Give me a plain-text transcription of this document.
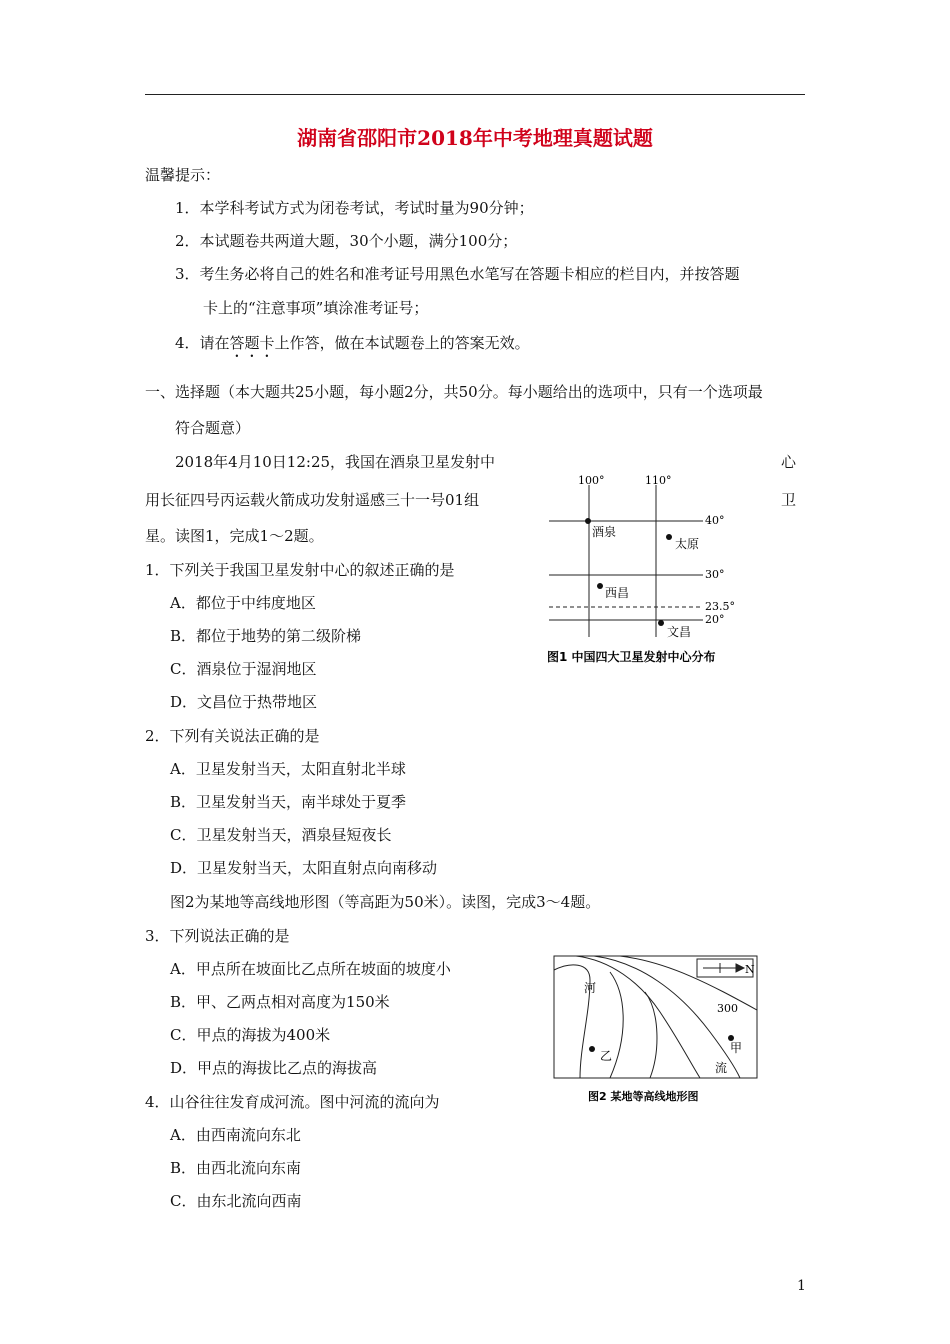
湖南省邵阳市2018年中考地理真题试题
温馨提示：
1．本学科考试方式为闭卷考试，考试时量为90分钟；
2．本试题卷共两道大题，30个小题，满分100分；
3．考生务必将自己的姓名和准考证号用黑色水笔写在答题卡相应的栏目内，并按答题
卡上的“注意事项”填涂准考证号；
4．请在答题卡上作答，做在本试题卷上的答案无效。
一、选择题（本大题共25小题，每小题2分，共50分。每小题给出的选项中，只有一个选项最
符合题意）
2018年4月10日12:25，我国在酒泉卫星发射中	心
用长征四号丙运载火箭成功发射遥感三十一号01组	卫
星。读图1，完成1～2题。
1．下列关于我国卫星发射中心的叙述正确的是
A．都位于中纬度地区
B．都位于地势的第二级阶梯
C．酒泉位于湿润地区
D．文昌位于热带地区
2．下列有关说法正确的是
A．卫星发射当天，太阳直射北半球
B．卫星发射当天，南半球处于夏季
C．卫星发射当天，酒泉昼短夜长
D．卫星发射当天，太阳直射点向南移动
图2为某地等高线地形图（等高距为50米）。读图，完成3～4题。
3．下列说法正确的是
A．甲点所在坡面比乙点所在坡面的坡度小
B．甲、乙两点相对高度为150米
C．甲点的海拔为400米
D．甲点的海拔比乙点的海拔高
4．山谷往往发育成河流。图中河流的流向为
A．由西南流向东北
B．由西北流向东南
C．由东北流向西南
100°	110°
40°
30°
23.5°
20°
酒泉
太原
西昌
文昌
图1 中国四大卫星发射中心分布
N
300
河
流
甲
乙
图2 某地等高线地形图
1
